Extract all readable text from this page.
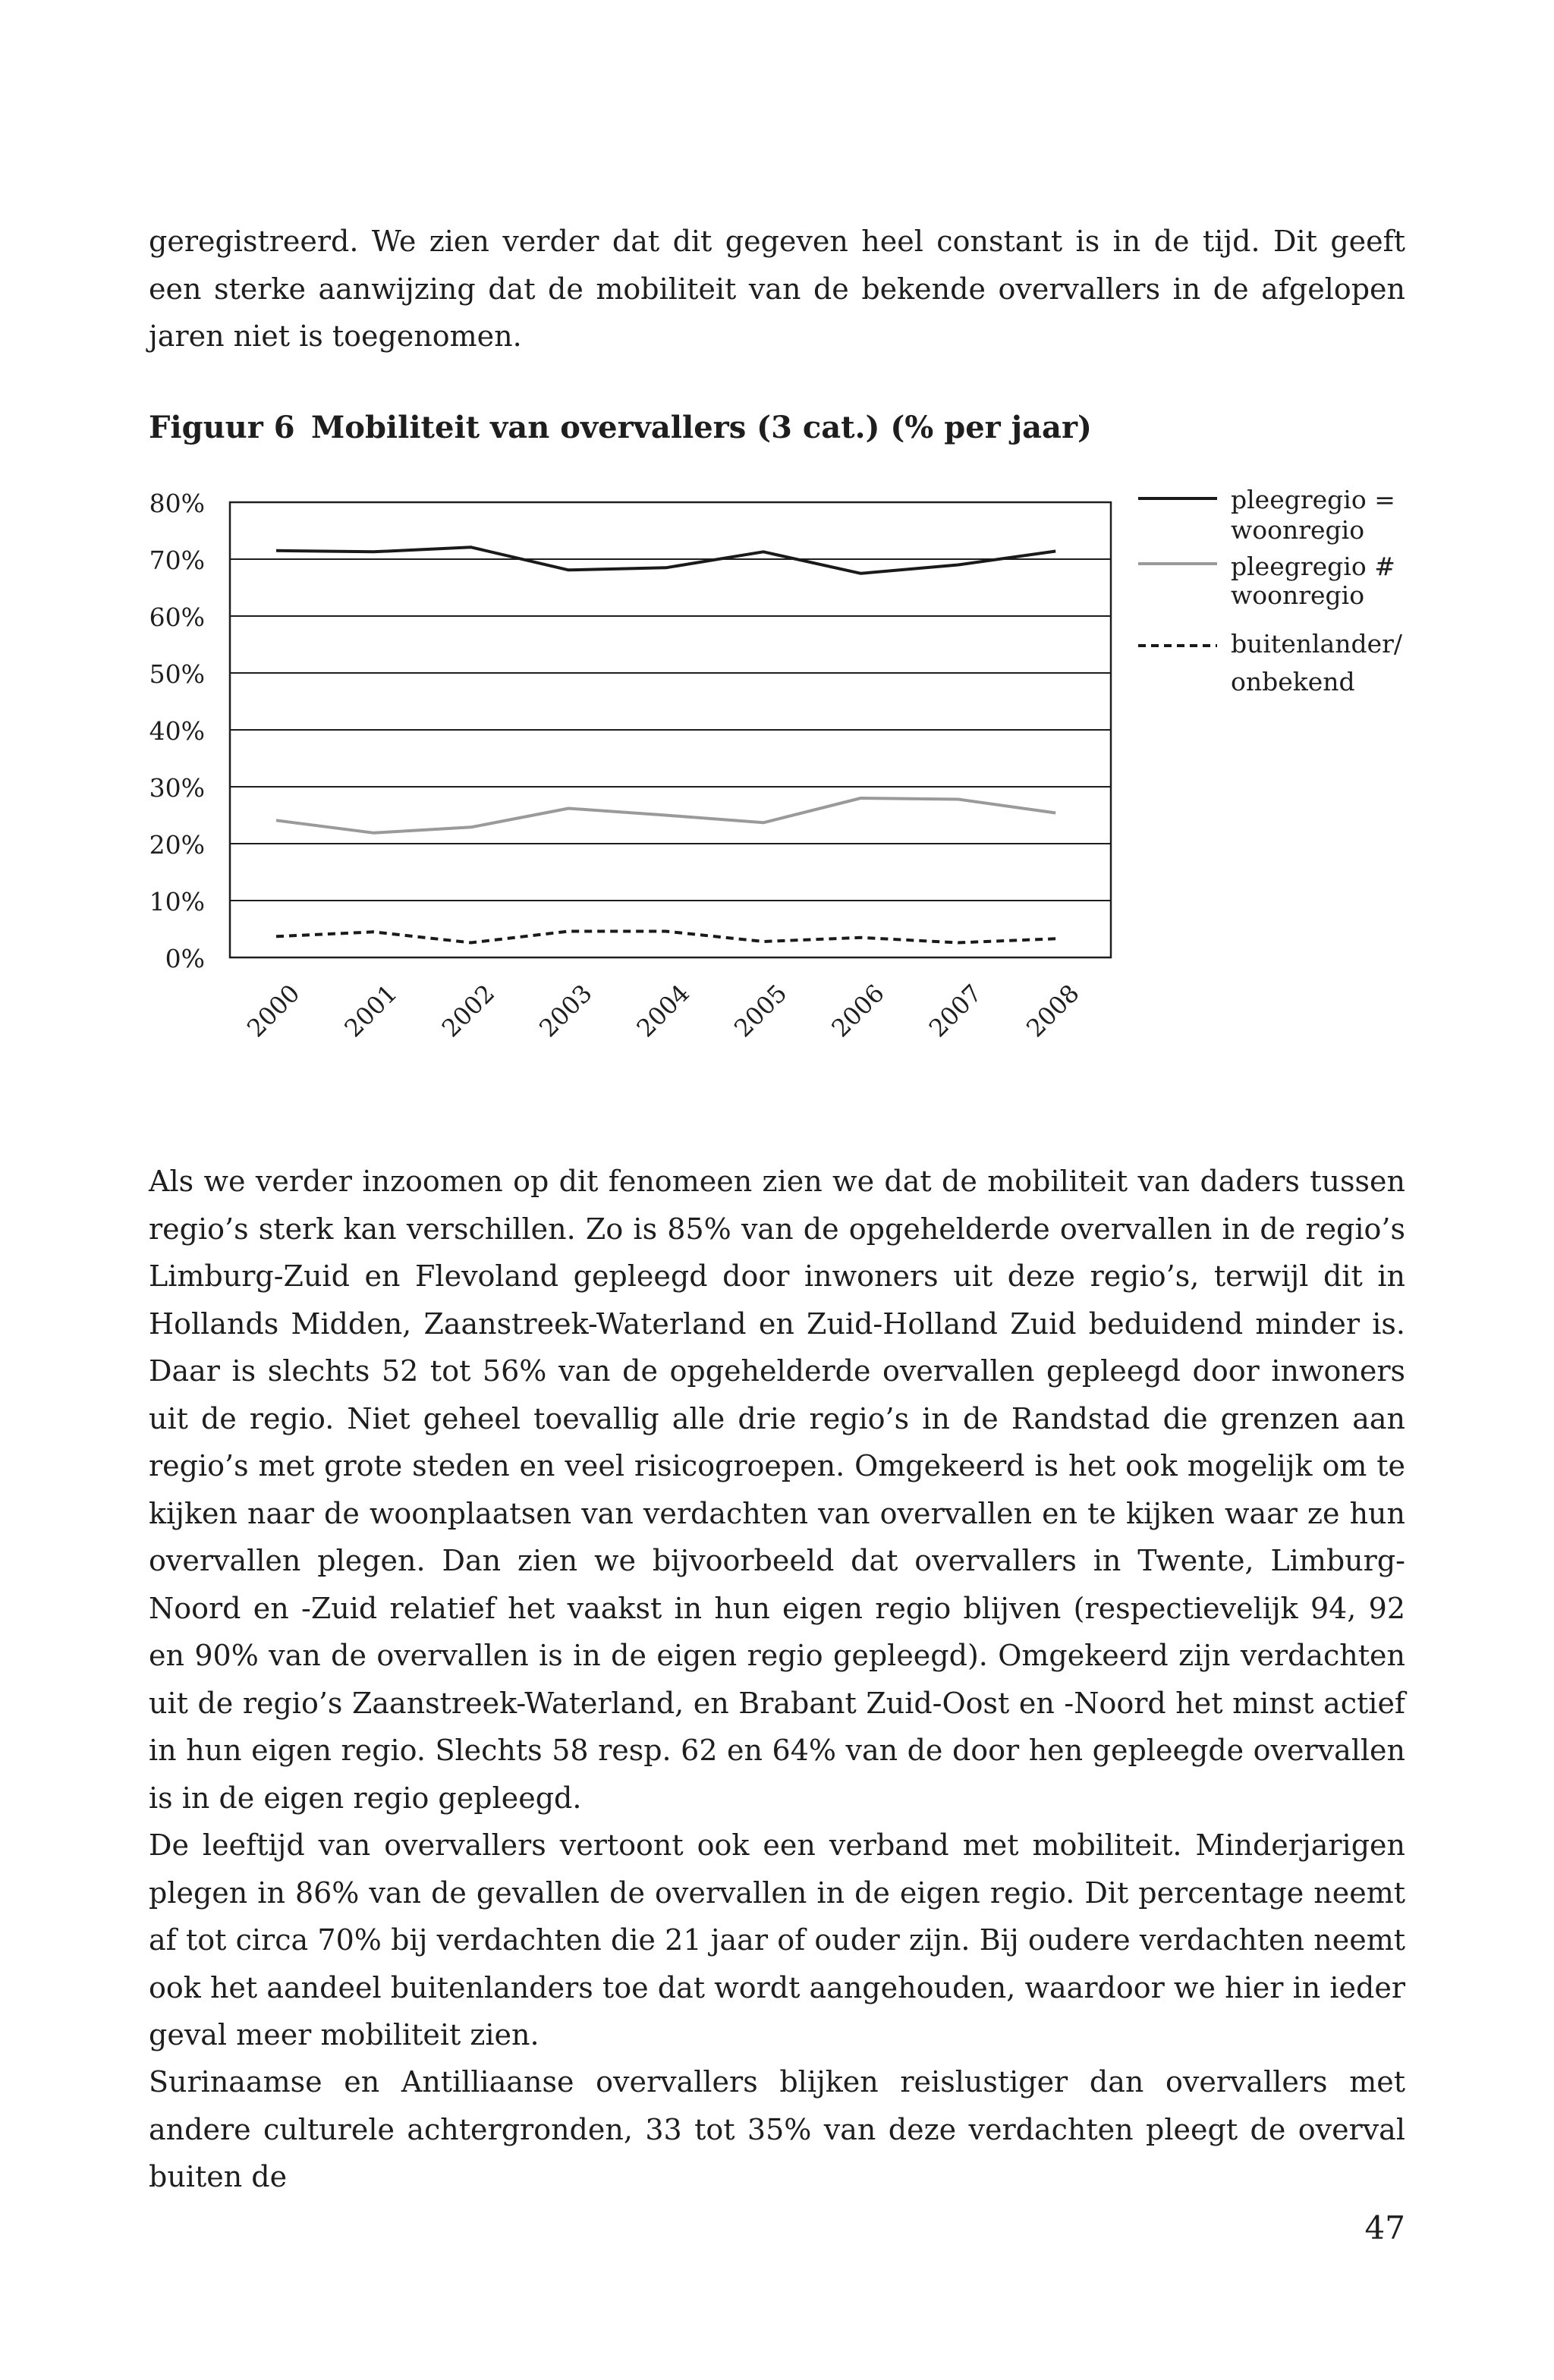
geregistreerd. We zien verder dat dit gegeven heel constant is in de tijd. Dit geeft een sterke aanwijzing dat de mobiliteit van de bekende overvallers in de afgelopen jaren niet is toegenomen.

Figuur 6 Mobiliteit van overvallers (3 cat.) (% per jaar)

0%
10%
20%
30%
40%
50%
60%
70%
80%
2000 2001 2002 2003 2004 2005 2006 2007 2008
pleegregio =
woonregio
pleegregio #
woonregio
buitenlander/
onbekend

Als we verder inzoomen op dit fenomeen zien we dat de mobiliteit van daders tussen regio’s sterk kan verschillen. Zo is 85% van de opgehelderde overvallen in de regio’s Limburg-Zuid en Flevoland gepleegd door inwoners uit deze regio’s, terwijl dit in Hollands Midden, Zaanstreek-Waterland en Zuid-Holland Zuid beduidend minder is. Daar is slechts 52 tot 56% van de opgehelderde overvallen gepleegd door inwoners uit de regio. Niet geheel toevallig alle drie regio’s in de Randstad die grenzen aan regio’s met grote steden en veel risicogroepen. Omgekeerd is het ook mogelijk om te kijken naar de woonplaatsen van verdachten van overvallen en te kijken waar ze hun overvallen plegen. Dan zien we bijvoorbeeld dat overvallers in Twente, Limburg-Noord en -Zuid relatief het vaakst in hun eigen regio blijven (respectievelijk 94, 92 en 90% van de overvallen is in de eigen regio gepleegd). Omgekeerd zijn verdachten uit de regio’s Zaanstreek-Waterland, en Brabant Zuid-Oost en -Noord het minst actief in hun eigen regio. Slechts 58 resp. 62 en 64% van de door hen gepleegde overvallen is in de eigen regio gepleegd.

De leeftijd van overvallers vertoont ook een verband met mobiliteit. Minderjarigen plegen in 86% van de gevallen de overvallen in de eigen regio. Dit percentage neemt af tot circa 70% bij verdachten die 21 jaar of ouder zijn. Bij oudere verdachten neemt ook het aandeel buitenlanders toe dat wordt aangehouden, waardoor we hier in ieder geval meer mobiliteit zien.

Surinaamse en Antilliaanse overvallers blijken reislustiger dan overvallers met andere culturele achtergronden, 33 tot 35% van deze verdachten pleegt de overval buiten de

47
